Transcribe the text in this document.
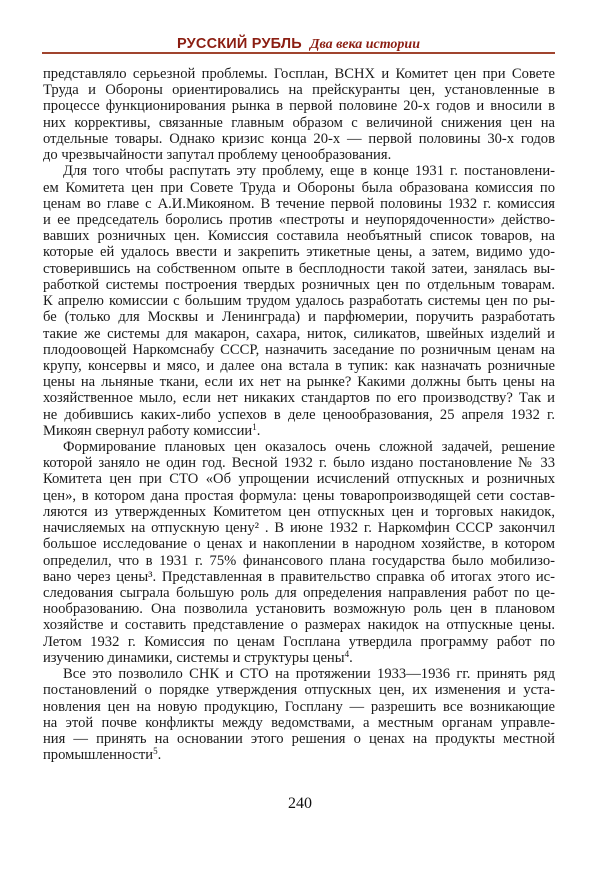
РУССКИЙ РУБЛЬ Два века истории
представляло серьезной проблемы. Госплан, ВСНХ и Комитет цен при Совете
Труда и Обороны ориентировались на прейскуранты цен, установленные в
процессе функционирования рынка в первой половине 20-х годов и вносили в
них коррективы, связанные главным образом с величиной снижения цен на
отдельные товары. Однако кризис конца 20-х — первой половины 30-х годов
до чрезвычайности запутал проблему ценообразования.
Для того чтобы распутать эту проблему, еще в конце 1931 г. постановлени-
ем Комитета цен при Совете Труда и Обороны была образована комиссия по
ценам во главе с А.И.Микояном. В течение первой половины 1932 г. комиссия
и ее председатель боролись против «пестроты и неупорядоченности» действо-
вавших розничных цен. Комиссия составила необъятный список товаров, на
которые ей удалось ввести и закрепить этикетные цены, а затем, видимо удо-
стоверившись на собственном опыте в бесплодности такой затеи, занялась вы-
работкой системы построения твердых розничных цен по отдельным товарам.
К апрелю комиссии с большим трудом удалось разработать системы цен по ры-
бе (только для Москвы и Ленинграда) и парфюмерии, поручить разработать
такие же системы для макарон, сахара, ниток, силикатов, швейных изделий и
плодоовощей Наркомснабу СССР, назначить заседание по розничным ценам на
крупу, консервы и мясо, и далее она встала в тупик: как назначать розничные
цены на льняные ткани, если их нет на рынке? Какими должны быть цены на
хозяйственное мыло, если нет никаких стандартов по его производству? Так и
не добившись каких-либо успехов в деле ценообразования, 25 апреля 1932 г.
Микоян свернул работу комиссии$^1$.
Формирование плановых цен оказалось очень сложной задачей, решение
которой заняло не один год. Весной 1932 г. было издано постановление № 33
Комитета цен при СТО «Об упрощении исчислений отпускных и розничных
цен», в котором дана простая формула: цены товаропроизводящей сети состав-
ляются из утвержденных Комитетом цен отпускных цен и торговых накидок,
начисляемых на отпускную цену² . В июне 1932 г. Наркомфин СССР закончил
большое исследование о ценах и накоплении в народном хозяйстве, в котором
определил, что в 1931 г. 75% финансового плана государства было мобилизо-
вано через цены³. Представленная в правительство справка об итогах этого ис-
следования сыграла большую роль для определения направления работ по це-
нообразованию. Она позволила установить возможную роль цен в плановом
хозяйстве и составить представление о размерах накидок на отпускные цены.
Летом 1932 г. Комиссия по ценам Госплана утвердила программу работ по
изучению динамики, системы и структуры цены$^4$.
Все это позволило СНК и СТО на протяжении 1933—1936 гг. принять ряд
постановлений о порядке утверждения отпускных цен, их изменения и уста-
новления цен на новую продукцию, Госплану — разрешить все возникающие
на этой почве конфликты между ведомствами, а местным органам управле-
ния — принять на основании этого решения о ценах на продукты местной
промышленности$^5$.
240
